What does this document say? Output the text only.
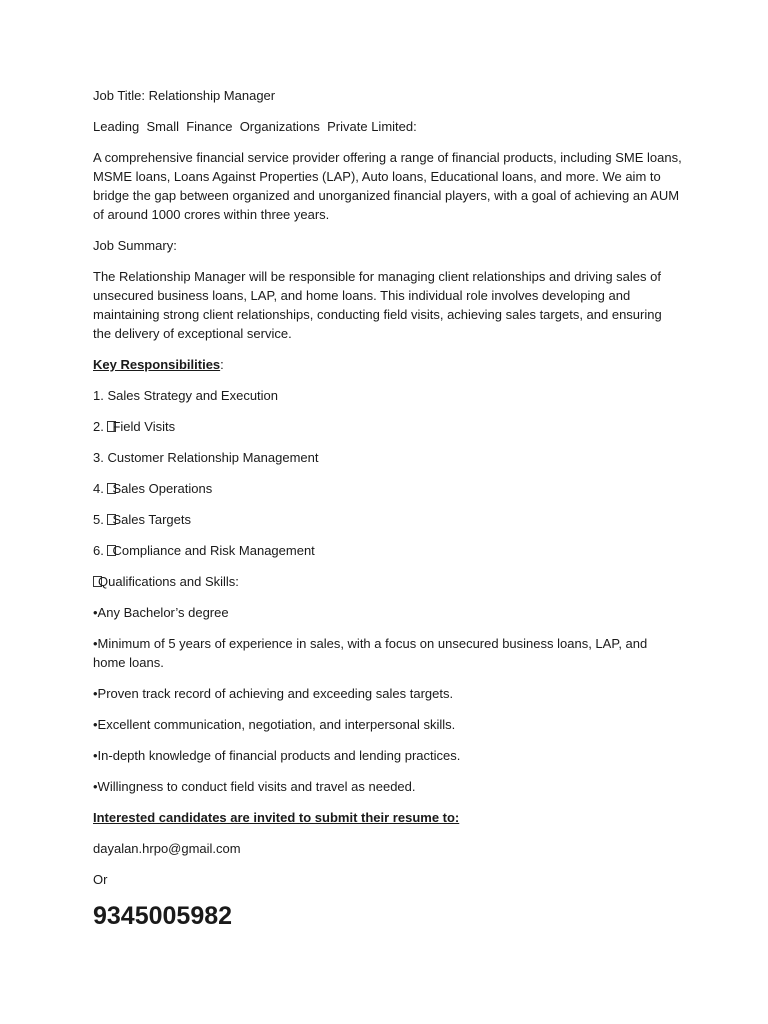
Job Title: Relationship Manager

Leading  Small  Finance  Organizations  Private Limited:

A comprehensive financial service provider offering a range of financial products, including SME loans, MSME loans, Loans Against Properties (LAP), Auto loans, Educational loans, and more. We aim to bridge the gap between organized and unorganized financial players, with a goal of achieving an AUM of around 1000 crores within three years.

Job Summary:

The Relationship Manager will be responsible for managing client relationships and driving sales of unsecured business loans, LAP, and home loans. This individual role involves developing and maintaining strong client relationships, conducting field visits, achieving sales targets, and ensuring the delivery of exceptional service.

Key Responsibilities:

1. Sales Strategy and Execution

2. Field Visits

3. Customer Relationship Management

4. Sales Operations

5. Sales Targets

6. Compliance and Risk Management

Qualifications and Skills:

•Any Bachelor’s degree

•Minimum of 5 years of experience in sales, with a focus on unsecured business loans, LAP, and home loans.

•Proven track record of achieving and exceeding sales targets.

•Excellent communication, negotiation, and interpersonal skills.

•In-depth knowledge of financial products and lending practices.

•Willingness to conduct field visits and travel as needed.

Interested candidates are invited to submit their resume to:

dayalan.hrpo@gmail.com

Or

9345005982
